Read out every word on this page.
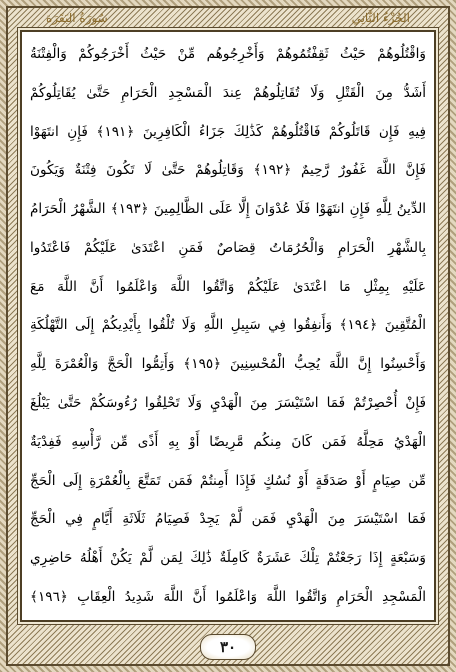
سُورَةُ البَقَرَة	الجُزْءُ الثَّانِي
وَاقْتُلُوهُمْ حَيْثُ ثَقِفْتُمُوهُمْ وَأَخْرِجُوهُم مِّنْ حَيْثُ أَخْرَجُوكُمْ وَالْفِتْنَةُ
أَشَدُّ مِنَ الْقَتْلِ وَلَا تُقَاتِلُوهُمْ عِندَ الْمَسْجِدِ الْحَرَامِ حَتَّىٰ يُقَاتِلُوكُمْ
فِيهِ فَإِن قَاتَلُوكُمْ فَاقْتُلُوهُمْ كَذَٰلِكَ جَزَاءُ الْكَافِرِينَ ﴿١٩١﴾ فَإِنِ انتَهَوْا
فَإِنَّ اللَّهَ غَفُورٌ رَّحِيمٌ ﴿١٩٢﴾ وَقَاتِلُوهُمْ حَتَّىٰ لَا تَكُونَ فِتْنَةٌ وَيَكُونَ
الدِّينُ لِلَّهِ فَإِنِ انتَهَوْا فَلَا عُدْوَانَ إِلَّا عَلَى الظَّالِمِينَ ﴿١٩٣﴾ الشَّهْرُ الْحَرَامُ
بِالشَّهْرِ الْحَرَامِ وَالْحُرُمَاتُ قِصَاصٌ فَمَنِ اعْتَدَىٰ عَلَيْكُمْ فَاعْتَدُوا
عَلَيْهِ بِمِثْلِ مَا اعْتَدَىٰ عَلَيْكُمْ وَاتَّقُوا اللَّهَ وَاعْلَمُوا أَنَّ اللَّهَ مَعَ
الْمُتَّقِينَ ﴿١٩٤﴾ وَأَنفِقُوا فِي سَبِيلِ اللَّهِ وَلَا تُلْقُوا بِأَيْدِيكُمْ إِلَى التَّهْلُكَةِ
وَأَحْسِنُوا إِنَّ اللَّهَ يُحِبُّ الْمُحْسِنِينَ ﴿١٩٥﴾ وَأَتِمُّوا الْحَجَّ وَالْعُمْرَةَ لِلَّهِ
فَإِنْ أُحْصِرْتُمْ فَمَا اسْتَيْسَرَ مِنَ الْهَدْيِ وَلَا تَحْلِقُوا رُءُوسَكُمْ حَتَّىٰ يَبْلُغَ
الْهَدْيُ مَحِلَّهُ فَمَن كَانَ مِنكُم مَّرِيضًا أَوْ بِهِ أَذًى مِّن رَّأْسِهِ فَفِدْيَةٌ
مِّن صِيَامٍ أَوْ صَدَقَةٍ أَوْ نُسُكٍ فَإِذَا أَمِنتُمْ فَمَن تَمَتَّعَ بِالْعُمْرَةِ إِلَى الْحَجِّ
فَمَا اسْتَيْسَرَ مِنَ الْهَدْيِ فَمَن لَّمْ يَجِدْ فَصِيَامُ ثَلَاثَةِ أَيَّامٍ فِي الْحَجِّ
وَسَبْعَةٍ إِذَا رَجَعْتُمْ تِلْكَ عَشَرَةٌ كَامِلَةٌ ذَٰلِكَ لِمَن لَّمْ يَكُنْ أَهْلُهُ حَاضِرِي
الْمَسْجِدِ الْحَرَامِ وَاتَّقُوا اللَّهَ وَاعْلَمُوا أَنَّ اللَّهَ شَدِيدُ الْعِقَابِ ﴿١٩٦﴾
٣٠
